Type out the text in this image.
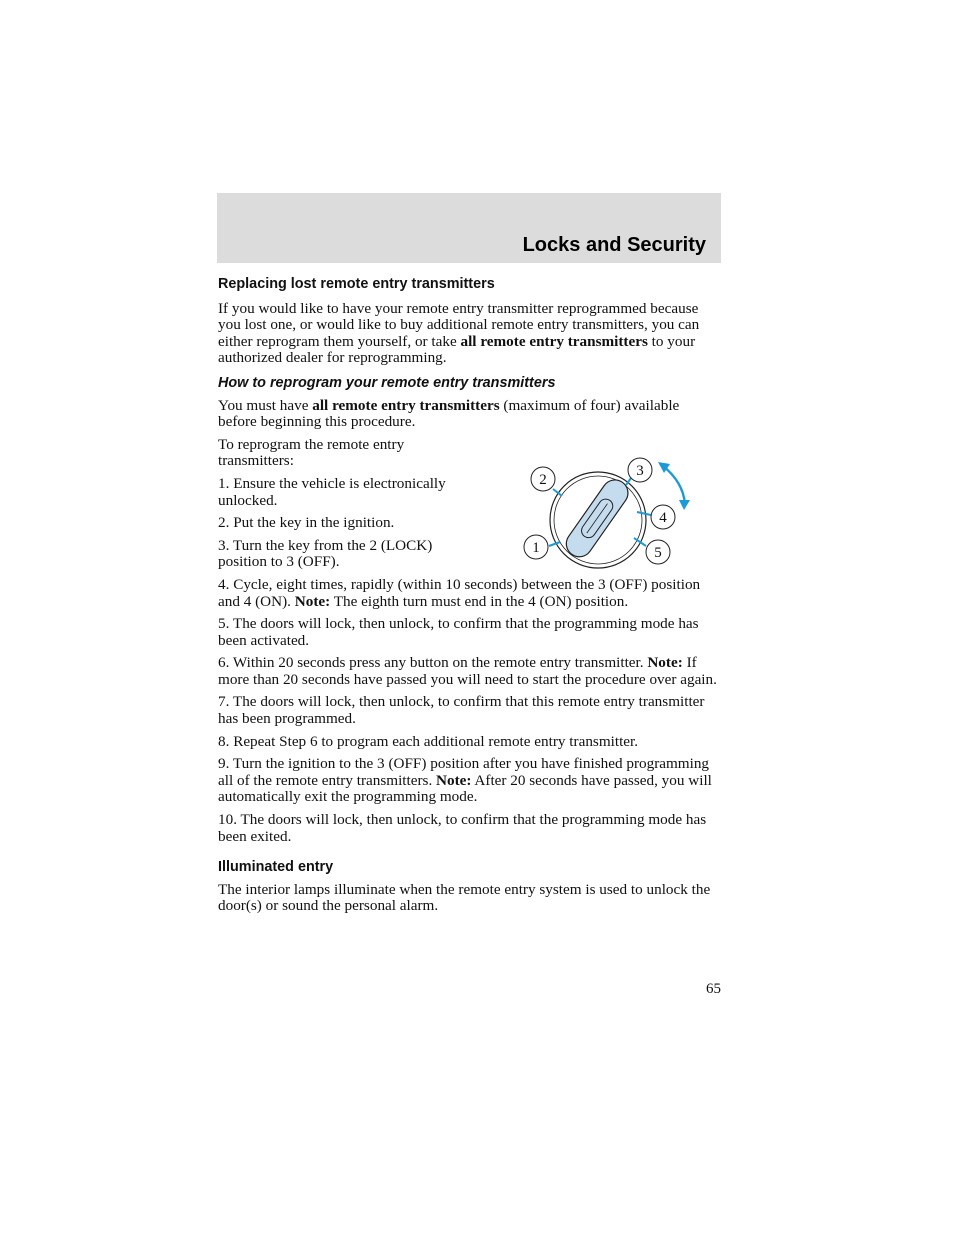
Locks and Security
Replacing lost remote entry transmitters

If you would like to have your remote entry transmitter reprogrammed because you lost one, or would like to buy additional remote entry transmitters, you can either reprogram them yourself, or take all remote entry transmitters to your authorized dealer for reprogramming.

How to reprogram your remote entry transmitters

You must have all remote entry transmitters (maximum of four) available before beginning this procedure.

To reprogram the remote entry transmitters:

1. Ensure the vehicle is electronically unlocked.

2. Put the key in the ignition.

3. Turn the key from the 2 (LOCK) position to 3 (OFF).

4. Cycle, eight times, rapidly (within 10 seconds) between the 3 (OFF) position and 4 (ON). Note: The eighth turn must end in the 4 (ON) position.

5. The doors will lock, then unlock, to confirm that the programming mode has been activated.

6. Within 20 seconds press any button on the remote entry transmitter. Note: If more than 20 seconds have passed you will need to start the procedure over again.

7. The doors will lock, then unlock, to confirm that this remote entry transmitter has been programmed.

8. Repeat Step 6 to program each additional remote entry transmitter.

9. Turn the ignition to the 3 (OFF) position after you have finished programming all of the remote entry transmitters. Note: After 20 seconds have passed, you will automatically exit the programming mode.

10. The doors will lock, then unlock, to confirm that the programming mode has been exited.

Illuminated entry

The interior lamps illuminate when the remote entry system is used to unlock the door(s) or sound the personal alarm.

2
3
4
5
1
65
